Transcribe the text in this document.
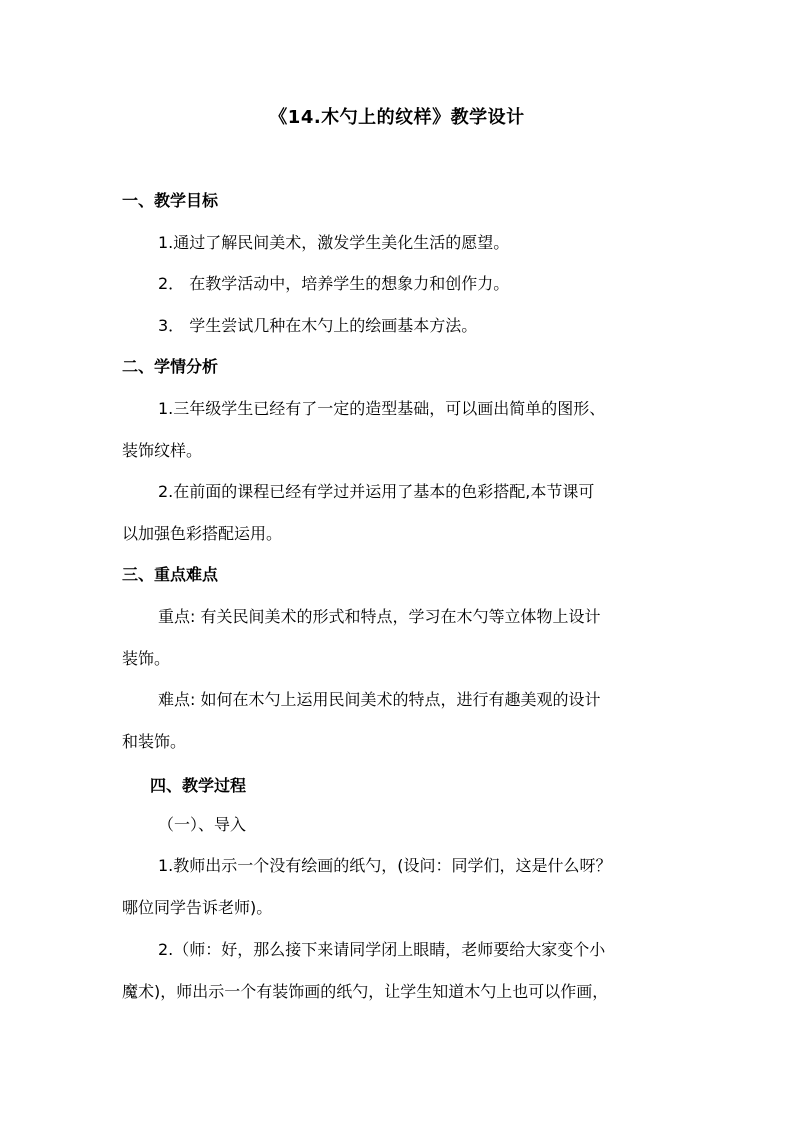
《14.木勺上的纹样》教学设计
一、教学目标
1.通过了解民间美术，激发学生美化生活的愿望。
2． 在教学活动中，培养学生的想象力和创作力。
3． 学生尝试几种在木勺上的绘画基本方法。
二、学情分析
1.三年级学生已经有了一定的造型基础，可以画出简单的图形、
装饰纹样。
2.在前面的课程已经有学过并运用了基本的色彩搭配,本节课可
以加强色彩搭配运用。
三、重点难点
重点: 有关民间美术的形式和特点，学习在木勺等立体物上设计
装饰。
难点: 如何在木勺上运用民间美术的特点，进行有趣美观的设计
和装饰。
四、教学过程
（一）、导入
1.教师出示一个没有绘画的纸勺，(设问：同学们，这是什么呀？
哪位同学告诉老师)。
2.（师：好，那么接下来请同学闭上眼睛，老师要给大家变个小
魔术)，师出示一个有装饰画的纸勺，让学生知道木勺上也可以作画，
